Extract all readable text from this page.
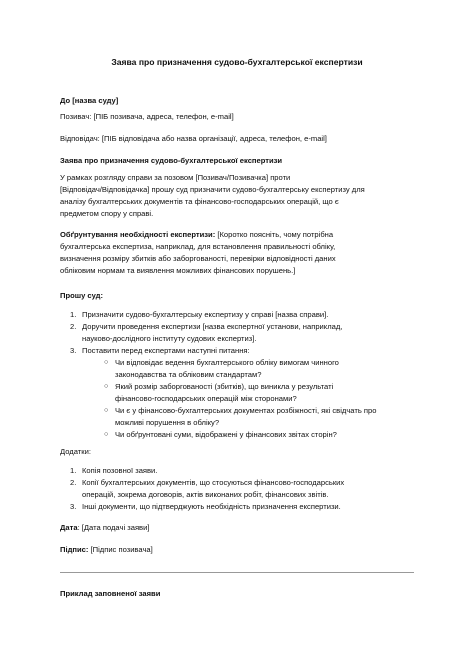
Заява про призначення судово-бухгалтерської експертизи
До [назва суду]
Позивач: [ПІБ позивача, адреса, телефон, e-mail]
Відповідач: [ПІБ відповідача або назва організації, адреса, телефон, e-mail]
Заява про призначення судово-бухгалтерської експертизи
У рамках розгляду справи за позовом [Позивач/Позивачка] проти
[Відповідач/Відповідачка] прошу суд призначити судово-бухгалтерську експертизу для
аналізу бухгалтерських документів та фінансово-господарських операцій, що є
предметом спору у справі.
Обґрунтування необхідності експертизи: [Коротко поясніть, чому потрібна
бухгалтерська експертиза, наприклад, для встановлення правильності обліку,
визначення розміру збитків або заборгованості, перевірки відповідності даних
обліковим нормам та виявлення можливих фінансових порушень.]
Прошу суд:
1. Призначити судово-бухгалтерську експертизу у справі [назва справи].
2. Доручити проведення експертизи [назва експертної установи, наприклад,
науково-дослідного інституту судових експертиз].
3. Поставити перед експертами наступні питання:
○ Чи відповідає ведення бухгалтерського обліку вимогам чинного
законодавства та обліковим стандартам?
○ Який розмір заборгованості (збитків), що виникла у результаті
фінансово-господарських операцій між сторонами?
○ Чи є у фінансово-бухгалтерських документах розбіжності, які свідчать про
можливі порушення в обліку?
○ Чи обґрунтовані суми, відображені у фінансових звітах сторін?
Додатки:
1. Копія позовної заяви.
2. Копії бухгалтерських документів, що стосуються фінансово-господарських
операцій, зокрема договорів, актів виконаних робіт, фінансових звітів.
3. Інші документи, що підтверджують необхідність призначення експертизи.
Дата: [Дата подачі заяви]
Підпис: [Підпис позивача]
Приклад заповненої заяви
